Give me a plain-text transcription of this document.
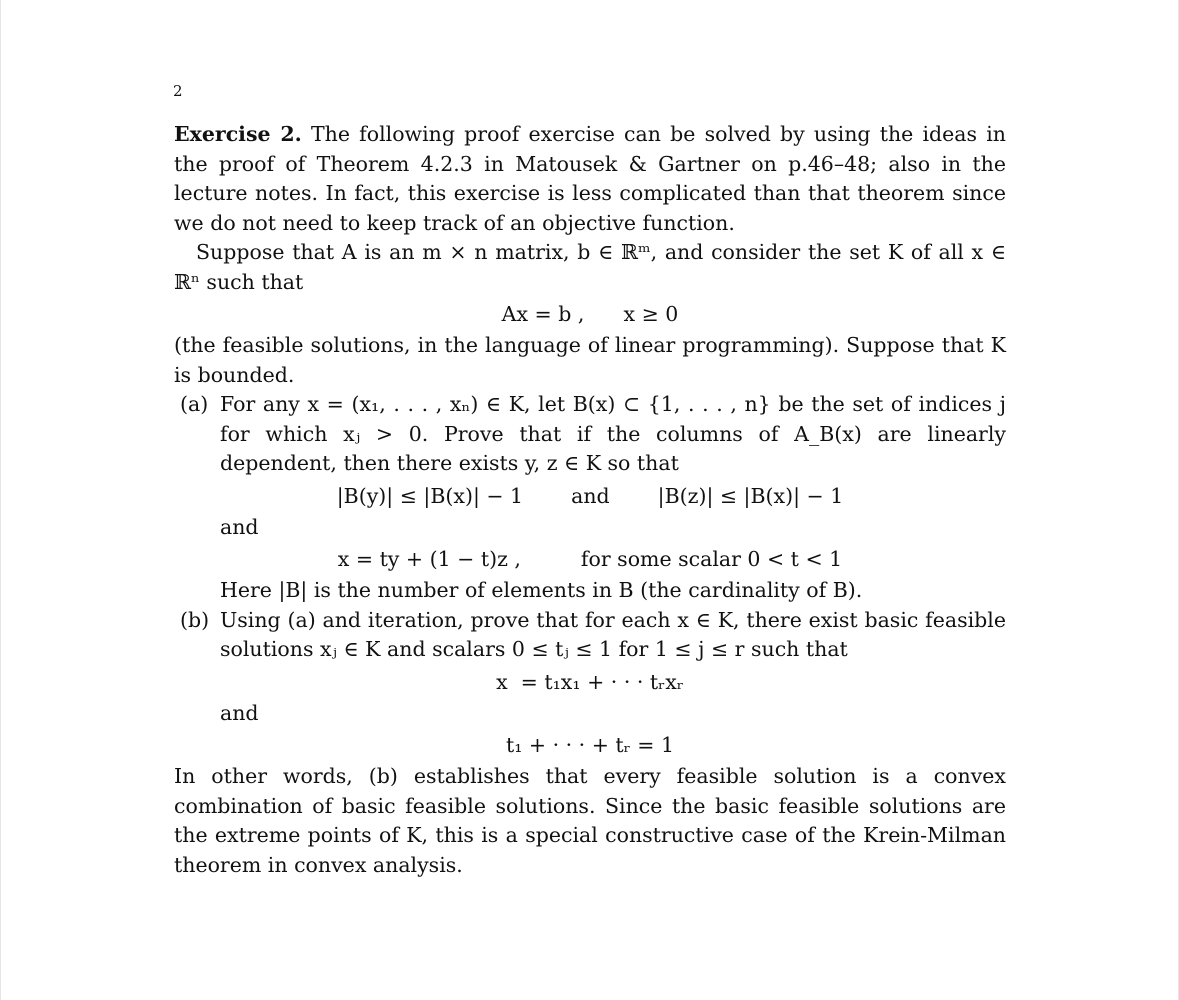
2

Exercise 2. The following proof exercise can be solved by using the ideas in the proof of Theorem 4.2.3 in Matousek & Gartner on p.46–48; also in the lecture notes. In fact, this exercise is less complicated than that theorem since we do not need to keep track of an objective function.

Suppose that A is an m × n matrix, b ∈ ℝᵐ, and consider the set K of all x ∈ ℝⁿ such that

Ax = b ,      x ≥ 0

(the feasible solutions, in the language of linear programming). Suppose that K is bounded.

(a) For any x = (x₁, . . . , xₙ) ∈ K, let B(x) ⊂ {1, . . . , n} be the set of indices j for which xⱼ > 0. Prove that if the columns of A_B(x) are linearly dependent, then there exists y, z ∈ K so that

|B(y)| ≤ |B(x)| − 1 and |B(z)| ≤ |B(x)| − 1

and

x = ty + (1 − t)z ,	for some scalar 0 < t < 1

Here |B| is the number of elements in B (the cardinality of B).

(b) Using (a) and iteration, prove that for each x ∈ K, there exist basic feasible solutions xⱼ ∈ K and scalars 0 ≤ tⱼ ≤ 1 for 1 ≤ j ≤ r such that

x  = t₁x₁ + · · · tᵣxᵣ

and

t₁ + · · · + tᵣ = 1

In other words, (b) establishes that every feasible solution is a convex combination of basic feasible solutions. Since the basic feasible solutions are the extreme points of K, this is a special constructive case of the Krein-Milman theorem in convex analysis.
